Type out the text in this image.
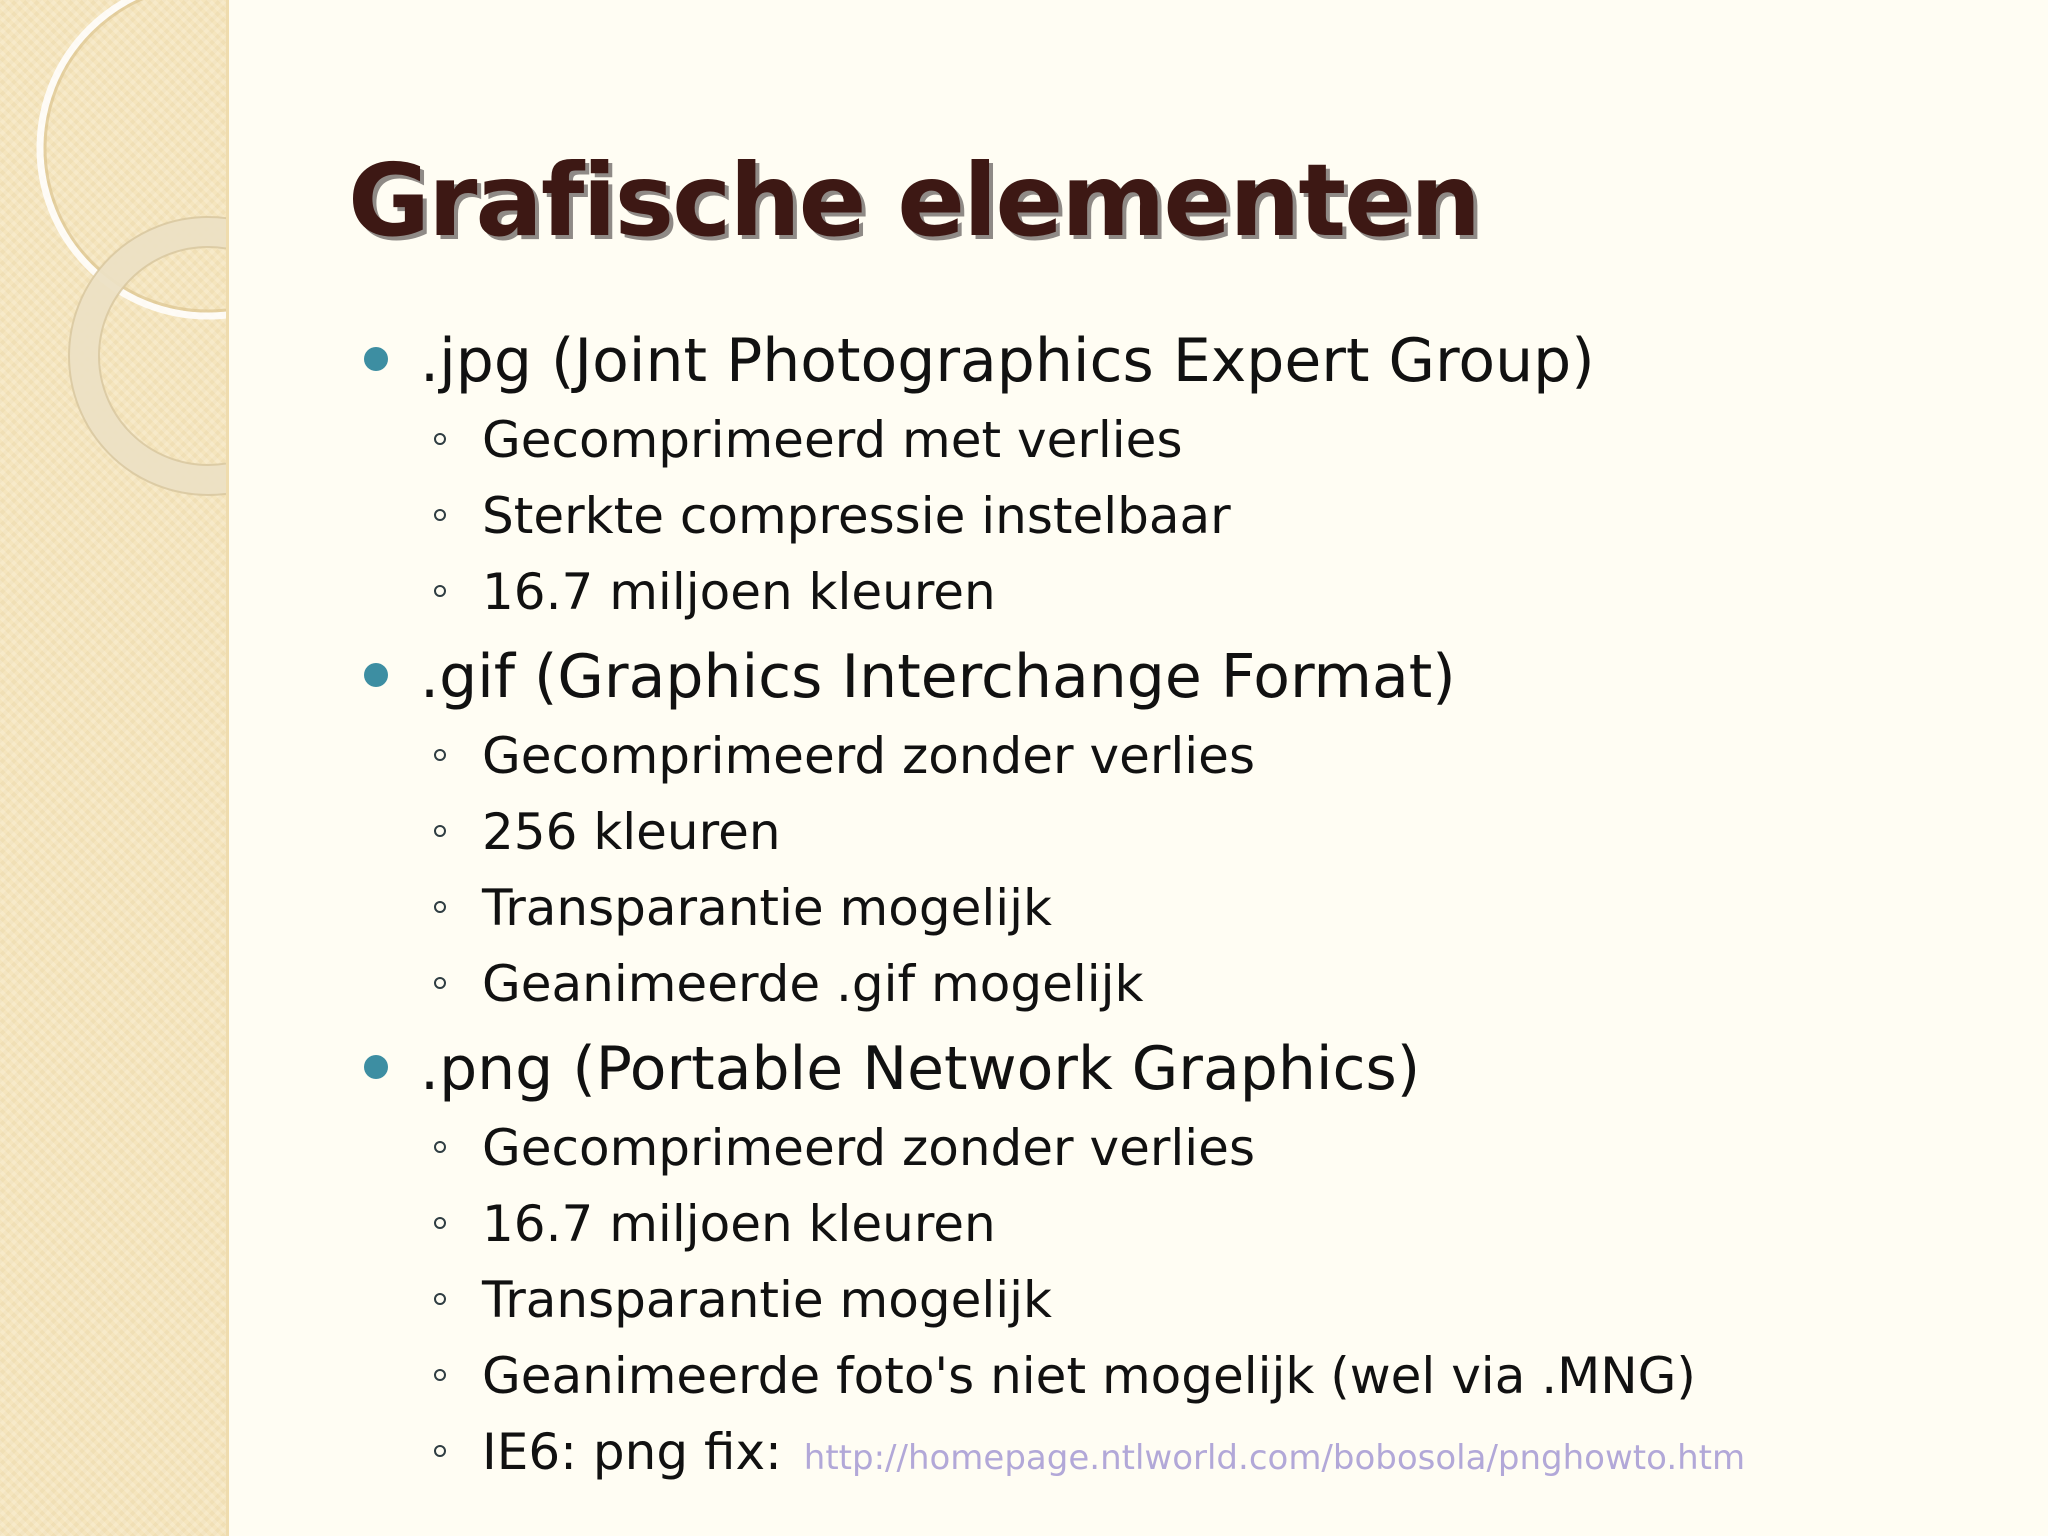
Grafische elementen
.jpg (Joint Photographics Expert Group)
Gecomprimeerd met verlies
Sterkte compressie instelbaar
16.7 miljoen kleuren
.gif (Graphics Interchange Format)
Gecomprimeerd zonder verlies
256 kleuren
Transparantie mogelijk
Geanimeerde .gif mogelijk
.png (Portable Network Graphics)
Gecomprimeerd zonder verlies
16.7 miljoen kleuren
Transparantie mogelijk
Geanimeerde foto's niet mogelijk (wel via .MNG)
IE6: png fix: http://homepage.ntlworld.com/bobosola/pnghowto.htm
